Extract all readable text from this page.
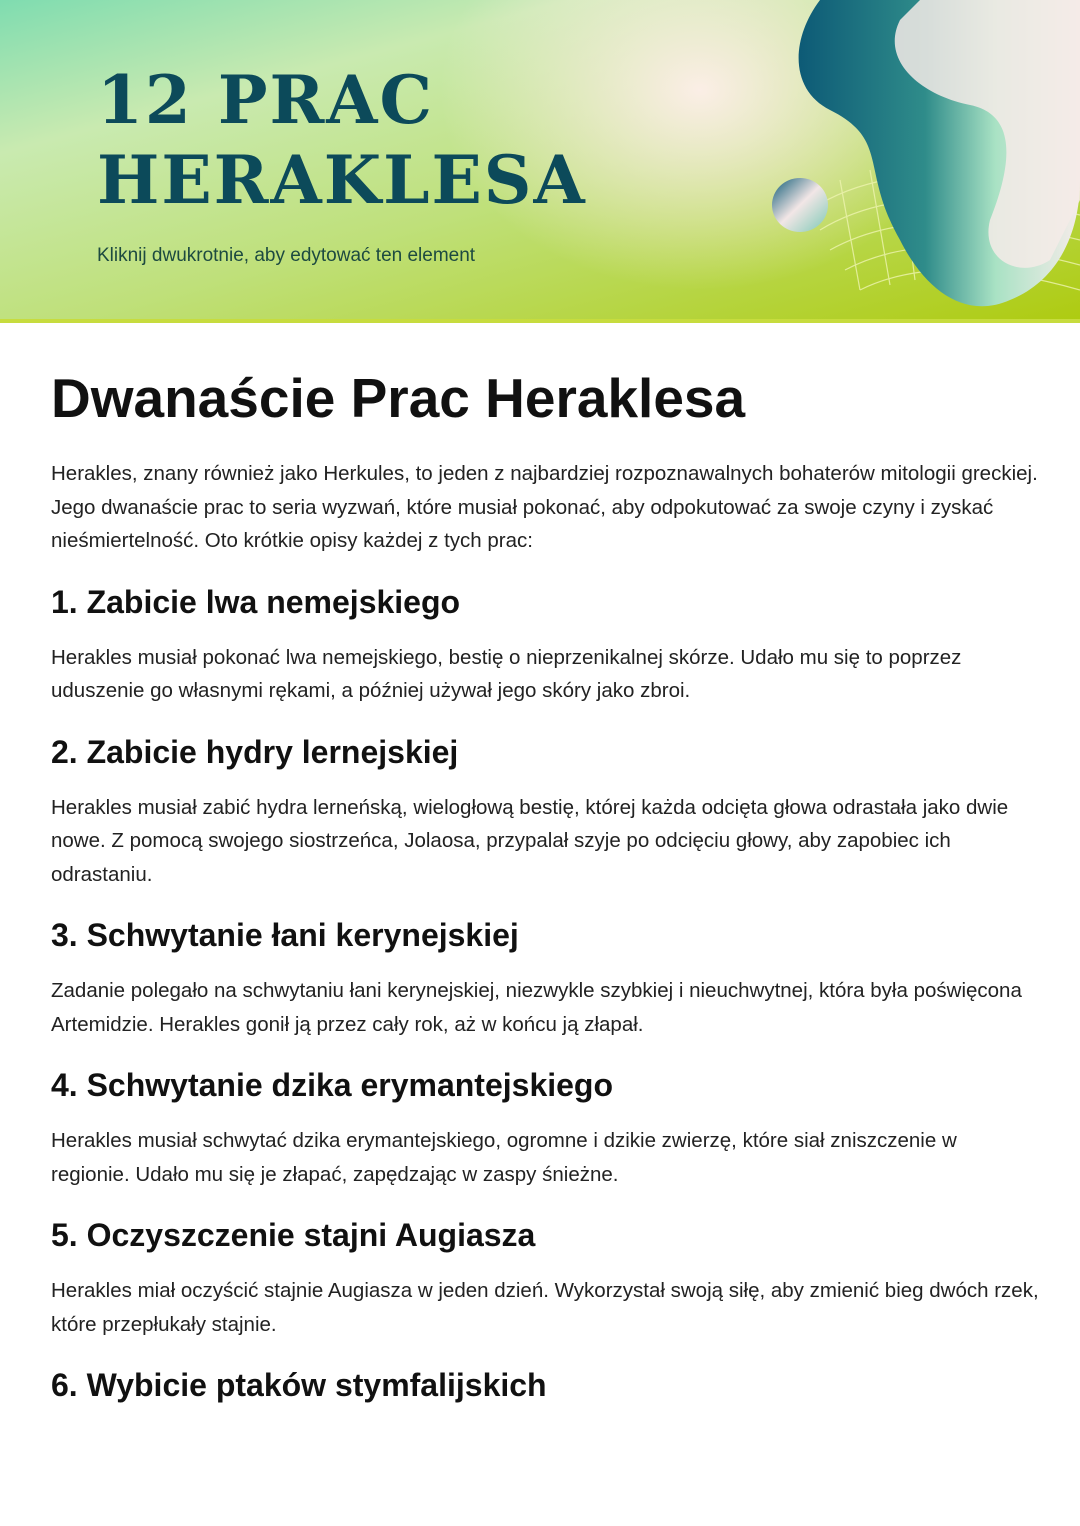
12 PRAC
HERAKLESA
Kliknij dwukrotnie, aby edytować ten element
Dwanaście Prac Heraklesa

Herakles, znany również jako Herkules, to jeden z najbardziej rozpoznawalnych bohaterów mitologii greckiej. Jego dwanaście prac to seria wyzwań, które musiał pokonać, aby odpokutować za swoje czyny i zyskać nieśmiertelność. Oto krótkie opisy każdej z tych prac:

1. Zabicie lwa nemejskiego

Herakles musiał pokonać lwa nemejskiego, bestię o nieprzenikalnej skórze. Udało mu się to poprzez uduszenie go własnymi rękami, a później używał jego skóry jako zbroi.

2. Zabicie hydry lernejskiej

Herakles musiał zabić hydra lerneńską, wielogłową bestię, której każda odcięta głowa odrastała jako dwie nowe. Z pomocą swojego siostrzeńca, Jolaosa, przypalał szyje po odcięciu głowy, aby zapobiec ich odrastaniu.

3. Schwytanie łani kerynejskiej

Zadanie polegało na schwytaniu łani kerynejskiej, niezwykle szybkiej i nieuchwytnej, która była poświęcona Artemidzie. Herakles gonił ją przez cały rok, aż w końcu ją złapał.

4. Schwytanie dzika erymantejskiego

Herakles musiał schwytać dzika erymantejskiego, ogromne i dzikie zwierzę, które siał zniszczenie w regionie. Udało mu się je złapać, zapędzając w zaspy śnieżne.

5. Oczyszczenie stajni Augiasza

Herakles miał oczyścić stajnie Augiasza w jeden dzień. Wykorzystał swoją siłę, aby zmienić bieg dwóch rzek, które przepłukały stajnie.

6. Wybicie ptaków stymfalijskich
